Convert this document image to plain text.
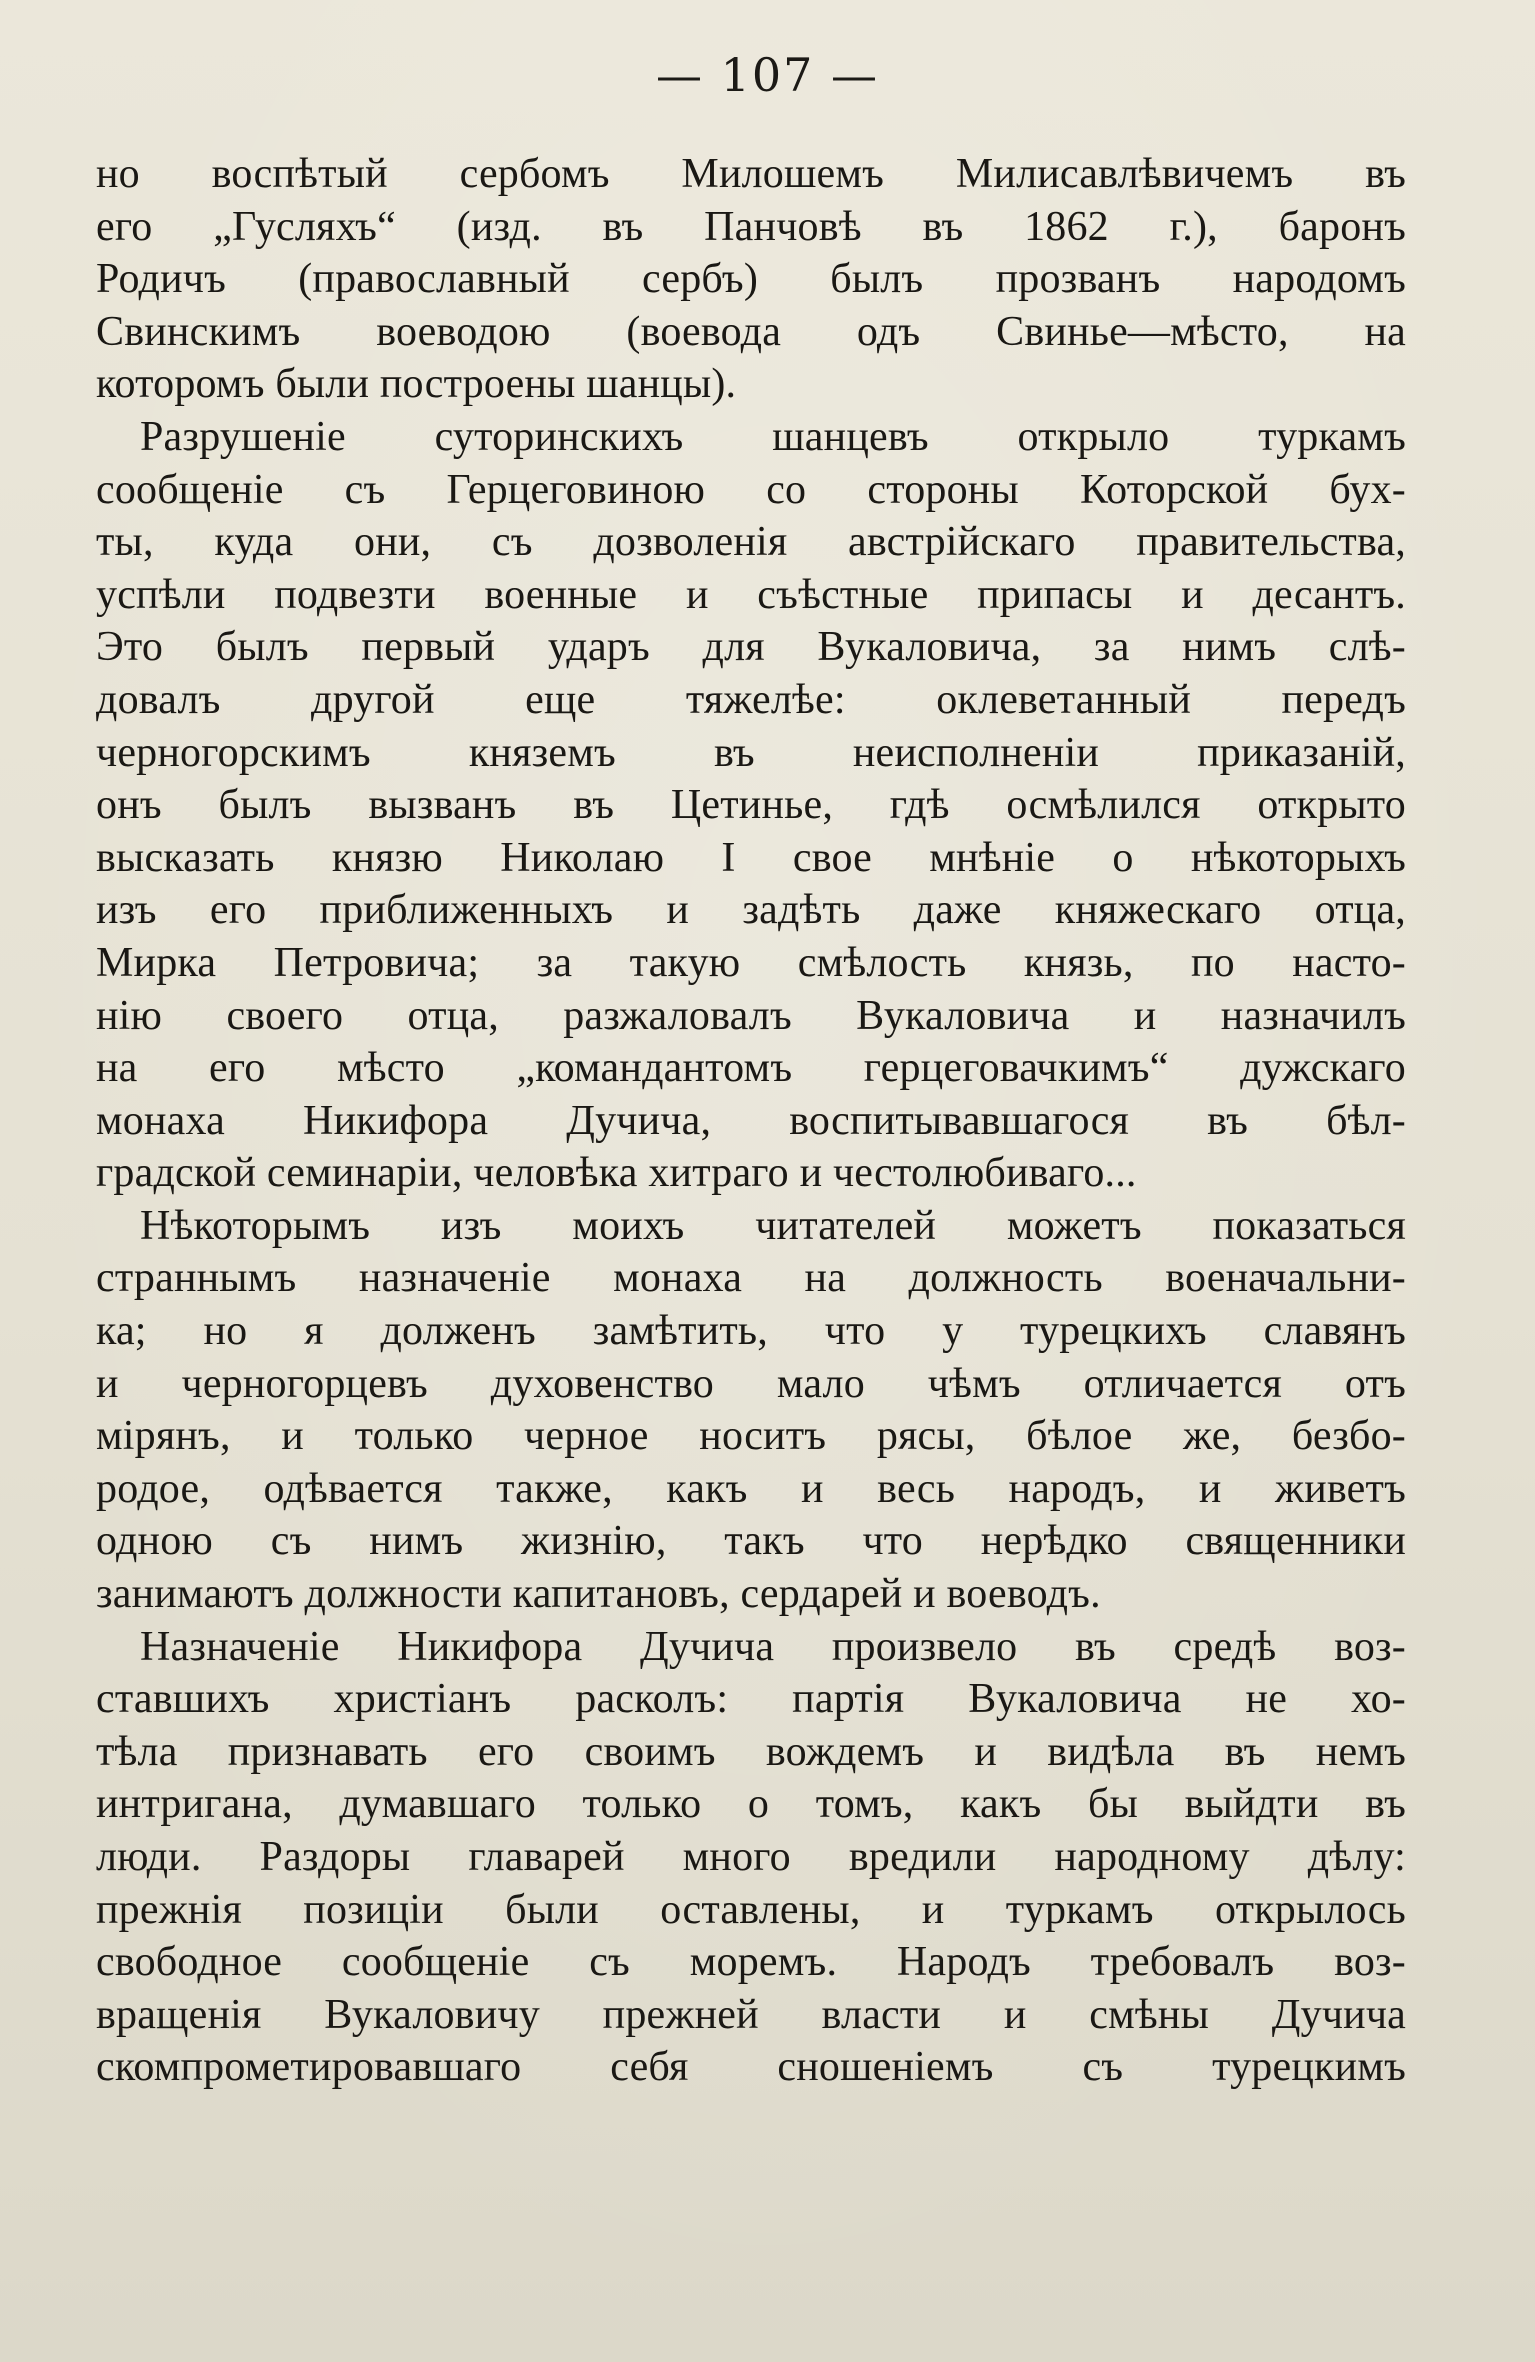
— 107 —
но воспѣтый сербомъ Милошемъ Милисавлѣвичемъ въ
его „Гусляхъ“ (изд. въ Панчовѣ въ 1862 г.), баронъ
Родичъ (православный сербъ) былъ прозванъ народомъ
Свинскимъ воеводою (воевода одъ Свинье—мѣсто, на
которомъ были построены шанцы).
Разрушеніе суторинскихъ шанцевъ открыло туркамъ
сообщеніе съ Герцеговиною со стороны Которской бух-
ты, куда они, съ дозволенія австрійскаго правительства,
успѣли подвезти военные и съѣстные припасы и десантъ.
Это былъ первый ударъ для Вукаловича, за нимъ слѣ-
довалъ другой еще тяжелѣе: оклеветанный передъ
черногорскимъ княземъ въ неисполненіи приказаній,
онъ былъ вызванъ въ Цетинье, гдѣ осмѣлился открыто
высказать князю Николаю I свое мнѣніе о нѣкоторыхъ
изъ его приближенныхъ и задѣть даже княжескаго отца,
Мирка Петровича; за такую смѣлость князь, по насто-
нію своего отца, разжаловалъ Вукаловича и назначилъ
на его мѣсто „командантомъ герцеговачкимъ“ дужскаго
монаха Никифора Дучича, воспитывавшагося въ бѣл-
градской семинаріи, человѣка хитраго и честолюбиваго...
Нѣкоторымъ изъ моихъ читателей можетъ показаться
страннымъ назначеніе монаха на должность военачальни-
ка; но я долженъ замѣтить, что у турецкихъ славянъ
и черногорцевъ духовенство мало чѣмъ отличается отъ
мірянъ, и только черное носитъ рясы, бѣлое же, безбо-
родое, одѣвается также, какъ и весь народъ, и живетъ
одною съ нимъ жизнію, такъ что нерѣдко священники
занимаютъ должности капитановъ, сердарей и воеводъ.
Назначеніе Никифора Дучича произвело въ средѣ воз-
ставшихъ христіанъ расколъ: партія Вукаловича не хо-
тѣла признавать его своимъ вождемъ и видѣла въ немъ
интригана, думавшаго только о томъ, какъ бы выйдти въ
люди. Раздоры главарей много вредили народному дѣлу:
прежнія позиціи были оставлены, и туркамъ открылось
свободное сообщеніе съ моремъ. Народъ требовалъ воз-
вращенія Вукаловичу прежней власти и смѣны Дучича
скомпрометировавшаго себя сношеніемъ съ турецкимъ
